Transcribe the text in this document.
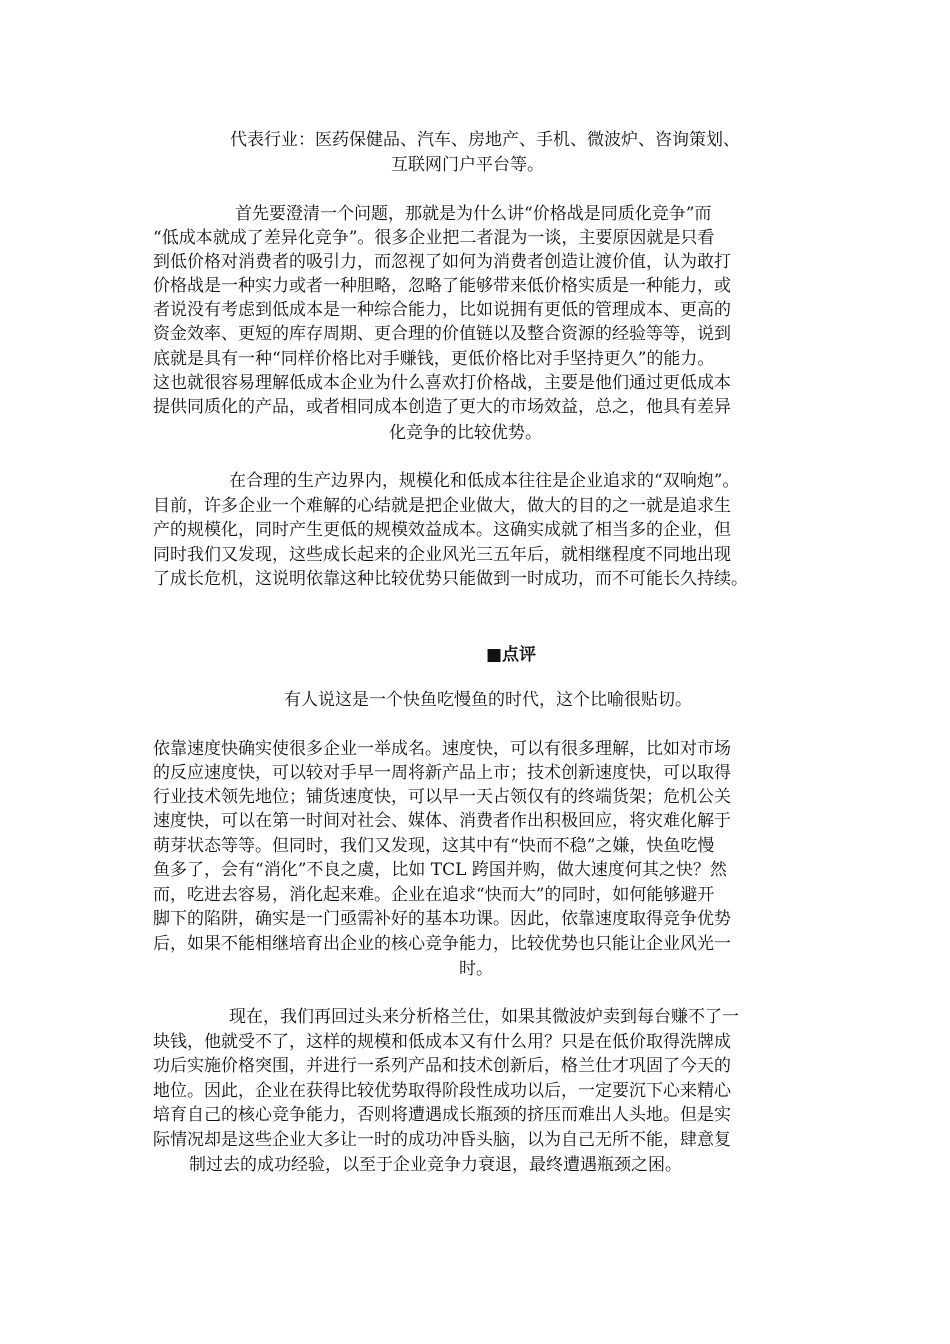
代表行业：医药保健品、汽车、房地产、手机、微波炉、咨询策划、
互联网门户平台等。
首先要澄清一个问题，那就是为什么讲“价格战是同质化竞争”而
“低成本就成了差异化竞争”。很多企业把二者混为一谈，主要原因就是只看
到低价格对消费者的吸引力，而忽视了如何为消费者创造让渡价值，认为敢打
价格战是一种实力或者一种胆略，忽略了能够带来低价格实质是一种能力，或
者说没有考虑到低成本是一种综合能力，比如说拥有更低的管理成本、更高的
资金效率、更短的库存周期、更合理的价值链以及整合资源的经验等等，说到
底就是具有一种“同样价格比对手赚钱，更低价格比对手坚持更久”的能力。
这也就很容易理解低成本企业为什么喜欢打价格战，主要是他们通过更低成本
提供同质化的产品，或者相同成本创造了更大的市场效益，总之，他具有差异
化竞争的比较优势。
在合理的生产边界内，规模化和低成本往往是企业追求的“双响炮”。
目前，许多企业一个难解的心结就是把企业做大，做大的目的之一就是追求生
产的规模化，同时产生更低的规模效益成本。这确实成就了相当多的企业，但
同时我们又发现，这些成长起来的企业风光三五年后，就相继程度不同地出现
了成长危机，这说明依靠这种比较优势只能做到一时成功，而不可能长久持续。
■点评
有人说这是一个快鱼吃慢鱼的时代，这个比喻很贴切。
依靠速度快确实使很多企业一举成名。速度快，可以有很多理解，比如对市场
的反应速度快，可以较对手早一周将新产品上市；技术创新速度快，可以取得
行业技术领先地位；铺货速度快，可以早一天占领仅有的终端货架；危机公关
速度快，可以在第一时间对社会、媒体、消费者作出积极回应，将灾难化解于
萌芽状态等等。但同时，我们又发现，这其中有“快而不稳”之嫌，快鱼吃慢
鱼多了，会有“消化”不良之虞，比如 TCL 跨国并购，做大速度何其之快？然
而，吃进去容易，消化起来难。企业在追求“快而大”的同时，如何能够避开
脚下的陷阱，确实是一门亟需补好的基本功课。因此，依靠速度取得竞争优势
后，如果不能相继培育出企业的核心竞争能力，比较优势也只能让企业风光一
时。
现在，我们再回过头来分析格兰仕，如果其微波炉卖到每台赚不了一
块钱，他就受不了，这样的规模和低成本又有什么用？只是在低价取得洗牌成
功后实施价格突围，并进行一系列产品和技术创新后，格兰仕才巩固了今天的
地位。因此，企业在获得比较优势取得阶段性成功以后，一定要沉下心来精心
培育自己的核心竞争能力，否则将遭遇成长瓶颈的挤压而难出人头地。但是实
际情况却是这些企业大多让一时的成功冲昏头脑，以为自己无所不能，肆意复
制过去的成功经验，以至于企业竞争力衰退，最终遭遇瓶颈之困。
